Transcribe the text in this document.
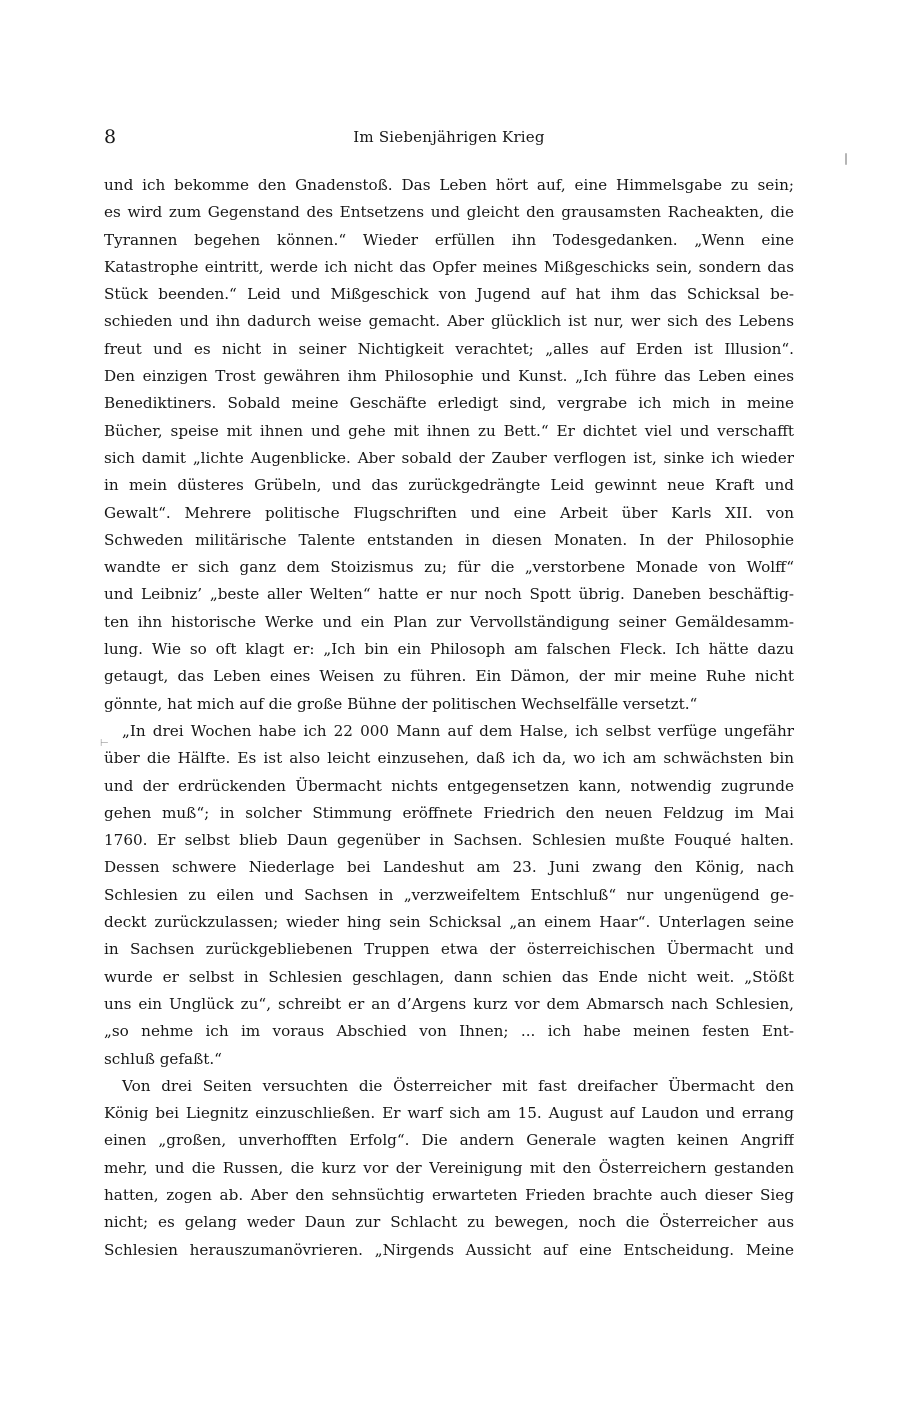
8	Im Siebenjährigen Krieg
⊢
und ich bekomme den Gnadenstoß. Das Leben hört auf, eine Himmelsgabe zu sein;
es wird zum Gegenstand des Entsetzens und gleicht den grausamsten Racheakten, die
Tyrannen begehen können.“ Wieder erfüllen ihn Todesgedanken. „Wenn eine
Katastrophe eintritt, werde ich nicht das Opfer meines Mißgeschicks sein, sondern das
Stück beenden.“ Leid und Mißgeschick von Jugend auf hat ihm das Schicksal be-
schieden und ihn dadurch weise gemacht. Aber glücklich ist nur, wer sich des Lebens
freut und es nicht in seiner Nichtigkeit verachtet; „alles auf Erden ist Illusion“.
Den einzigen Trost gewähren ihm Philosophie und Kunst. „Ich führe das Leben eines
Benediktiners. Sobald meine Geschäfte erledigt sind, vergrabe ich mich in meine
Bücher, speise mit ihnen und gehe mit ihnen zu Bett.“ Er dichtet viel und verschafft
sich damit „lichte Augenblicke. Aber sobald der Zauber verflogen ist, sinke ich wieder
in mein düsteres Grübeln, und das zurückgedrängte Leid gewinnt neue Kraft und
Gewalt“. Mehrere politische Flugschriften und eine Arbeit über Karls XII. von
Schweden militärische Talente entstanden in diesen Monaten. In der Philosophie
wandte er sich ganz dem Stoizismus zu; für die „verstorbene Monade von Wolff“
und Leibniz’ „beste aller Welten“ hatte er nur noch Spott übrig. Daneben beschäftig-
ten ihn historische Werke und ein Plan zur Vervollständigung seiner Gemäldesamm-
lung. Wie so oft klagt er: „Ich bin ein Philosoph am falschen Fleck. Ich hätte dazu
getaugt, das Leben eines Weisen zu führen. Ein Dämon, der mir meine Ruhe nicht
gönnte, hat mich auf die große Bühne der politischen Wechselfälle versetzt.“
„In drei Wochen habe ich 22 000 Mann auf dem Halse, ich selbst verfüge ungefähr
über die Hälfte. Es ist also leicht einzusehen, daß ich da, wo ich am schwächsten bin
und der erdrückenden Übermacht nichts entgegensetzen kann, notwendig zugrunde
gehen muß“; in solcher Stimmung eröffnete Friedrich den neuen Feldzug im Mai
1760. Er selbst blieb Daun gegenüber in Sachsen. Schlesien mußte Fouqué halten.
Dessen schwere Niederlage bei Landeshut am 23. Juni zwang den König, nach
Schlesien zu eilen und Sachsen in „verzweifeltem Entschluß“ nur ungenügend ge-
deckt zurückzulassen; wieder hing sein Schicksal „an einem Haar“. Unterlagen seine
in Sachsen zurückgebliebenen Truppen etwa der österreichischen Übermacht und
wurde er selbst in Schlesien geschlagen, dann schien das Ende nicht weit. „Stößt
uns ein Unglück zu“, schreibt er an d’Argens kurz vor dem Abmarsch nach Schlesien,
„so nehme ich im voraus Abschied von Ihnen; ... ich habe meinen festen Ent-
schluß gefaßt.“
Von drei Seiten versuchten die Österreicher mit fast dreifacher Übermacht den
König bei Liegnitz einzuschließen. Er warf sich am 15. August auf Laudon und errang
einen „großen, unverhofften Erfolg“. Die andern Generale wagten keinen Angriff
mehr, und die Russen, die kurz vor der Vereinigung mit den Österreichern gestanden
hatten, zogen ab. Aber den sehnsüchtig erwarteten Frieden brachte auch dieser Sieg
nicht; es gelang weder Daun zur Schlacht zu bewegen, noch die Österreicher aus
Schlesien herauszumanövrieren. „Nirgends Aussicht auf eine Entscheidung. Meine
